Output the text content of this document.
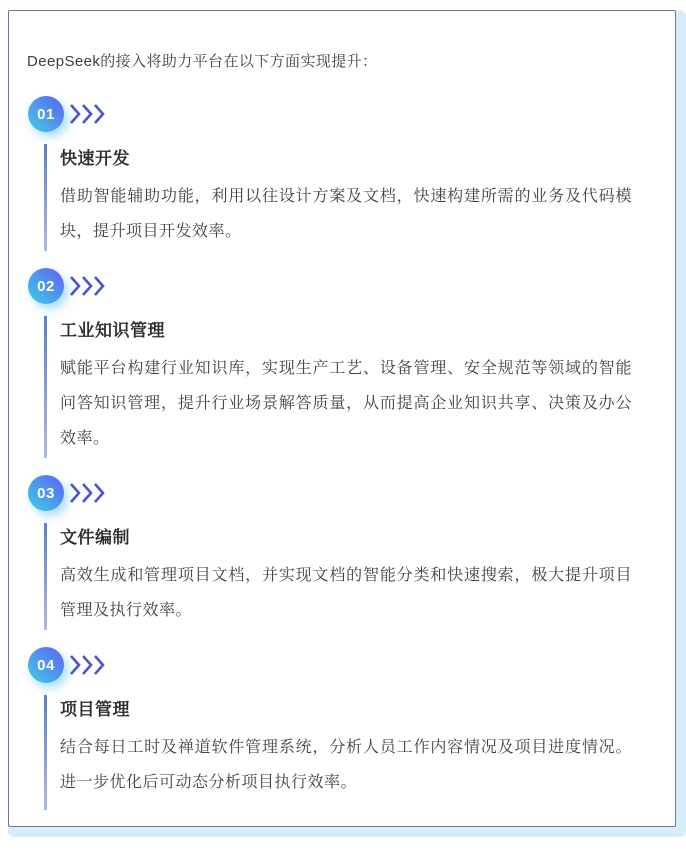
DeepSeek的接入将助力平台在以下方面实现提升：

01
快速开发
借助智能辅助功能，利用以往设计方案及文档，快速构建所需的业务及代码模块，提升项目开发效率。
02
工业知识管理
赋能平台构建行业知识库，实现生产工艺、设备管理、安全规范等领域的智能问答知识管理，提升行业场景解答质量，从而提高企业知识共享、决策及办公效率。
03
文件编制
高效生成和管理项目文档，并实现文档的智能分类和快速搜索，极大提升项目管理及执行效率。
04
项目管理
结合每日工时及禅道软件管理系统，分析人员工作内容情况及项目进度情况。进一步优化后可动态分析项目执行效率。
